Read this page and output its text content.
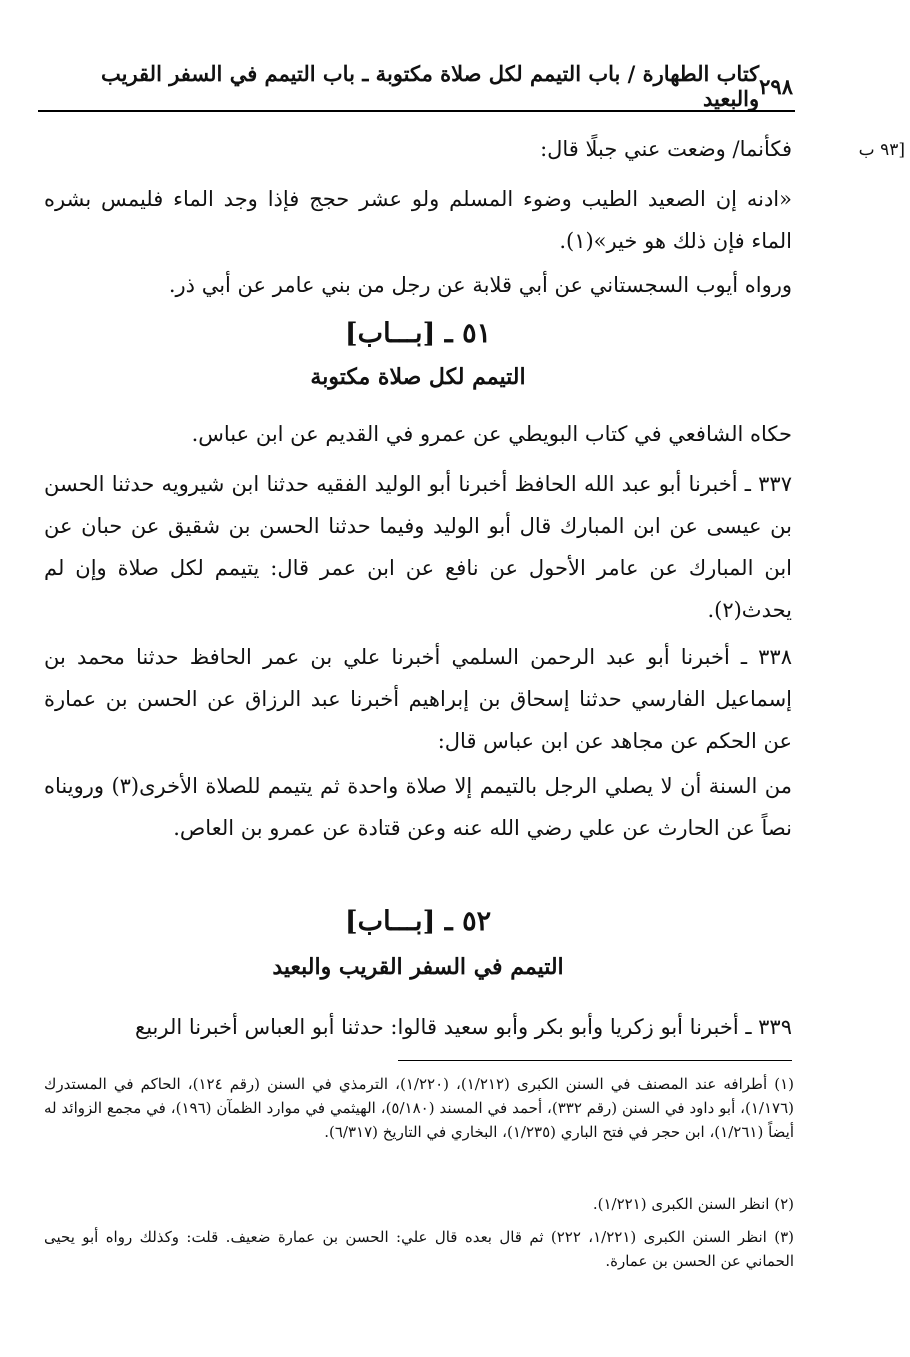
٢٩٨
كتاب الطهارة / باب التيمم لكل صلاة مكتوبة ـ باب التيمم في السفر القريب والبعيد
[٩٣ ب
فكأنما/ وضعت عني جبلًا قال:
«ادنه إن الصعيد الطيب وضوء المسلم ولو عشر حجج فإذا وجد الماء فليمس بشره الماء فإن ذلك هو خير»(١).
ورواه أيوب السجستاني عن أبي قلابة عن رجل من بني عامر عن أبي ذر.
٥١ ـ [بـــاب]
التيمم لكل صلاة مكتوبة
حكاه الشافعي في كتاب البويطي عن عمرو في القديم عن ابن عباس.
٣٣٧ ـ أخبرنا أبو عبد الله الحافظ أخبرنا أبو الوليد الفقيه حدثنا ابن شيرويه حدثنا الحسن بن عيسى عن ابن المبارك قال أبو الوليد وفيما حدثنا الحسن بن شقيق عن حبان عن ابن المبارك عن عامر الأحول عن نافع عن ابن عمر قال: يتيمم لكل صلاة وإن لم يحدث(٢).
٣٣٨ ـ أخبرنا أبو عبد الرحمن السلمي أخبرنا علي بن عمر الحافظ حدثنا محمد بن إسماعيل الفارسي حدثنا إسحاق بن إبراهيم أخبرنا عبد الرزاق عن الحسن بن عمارة عن الحكم عن مجاهد عن ابن عباس قال:
من السنة أن لا يصلي الرجل بالتيمم إلا صلاة واحدة ثم يتيمم للصلاة الأخرى(٣) ورويناه نصاً عن الحارث عن علي رضي الله عنه وعن قتادة عن عمرو بن العاص.
٥٢ ـ [بـــاب]
التيمم في السفر القريب والبعيد
٣٣٩ ـ أخبرنا أبو زكريا وأبو بكر وأبو سعيد قالوا: حدثنا أبو العباس أخبرنا الربيع
(١) أطرافه عند المصنف في السنن الكبرى (١/٢١٢)، (١/٢٢٠)، الترمذي في السنن (رقم ١٢٤)، الحاكم في المستدرك (١/١٧٦)، أبو داود في السنن (رقم ٣٣٢)، أحمد في المسند (٥/١٨٠)، الهيثمي في موارد الظمآن (١٩٦)، في مجمع الزوائد له أيضاً (١/٢٦١)، ابن حجر في فتح الباري (١/٢٣٥)، البخاري في التاريخ (٦/٣١٧).
(٢) انظر السنن الكبرى (١/٢٢١).
(٣) انظر السنن الكبرى (١/٢٢١، ٢٢٢) ثم قال بعده قال علي: الحسن بن عمارة ضعيف. قلت: وكذلك رواه أبو يحيى الحماني عن الحسن بن عمارة.
